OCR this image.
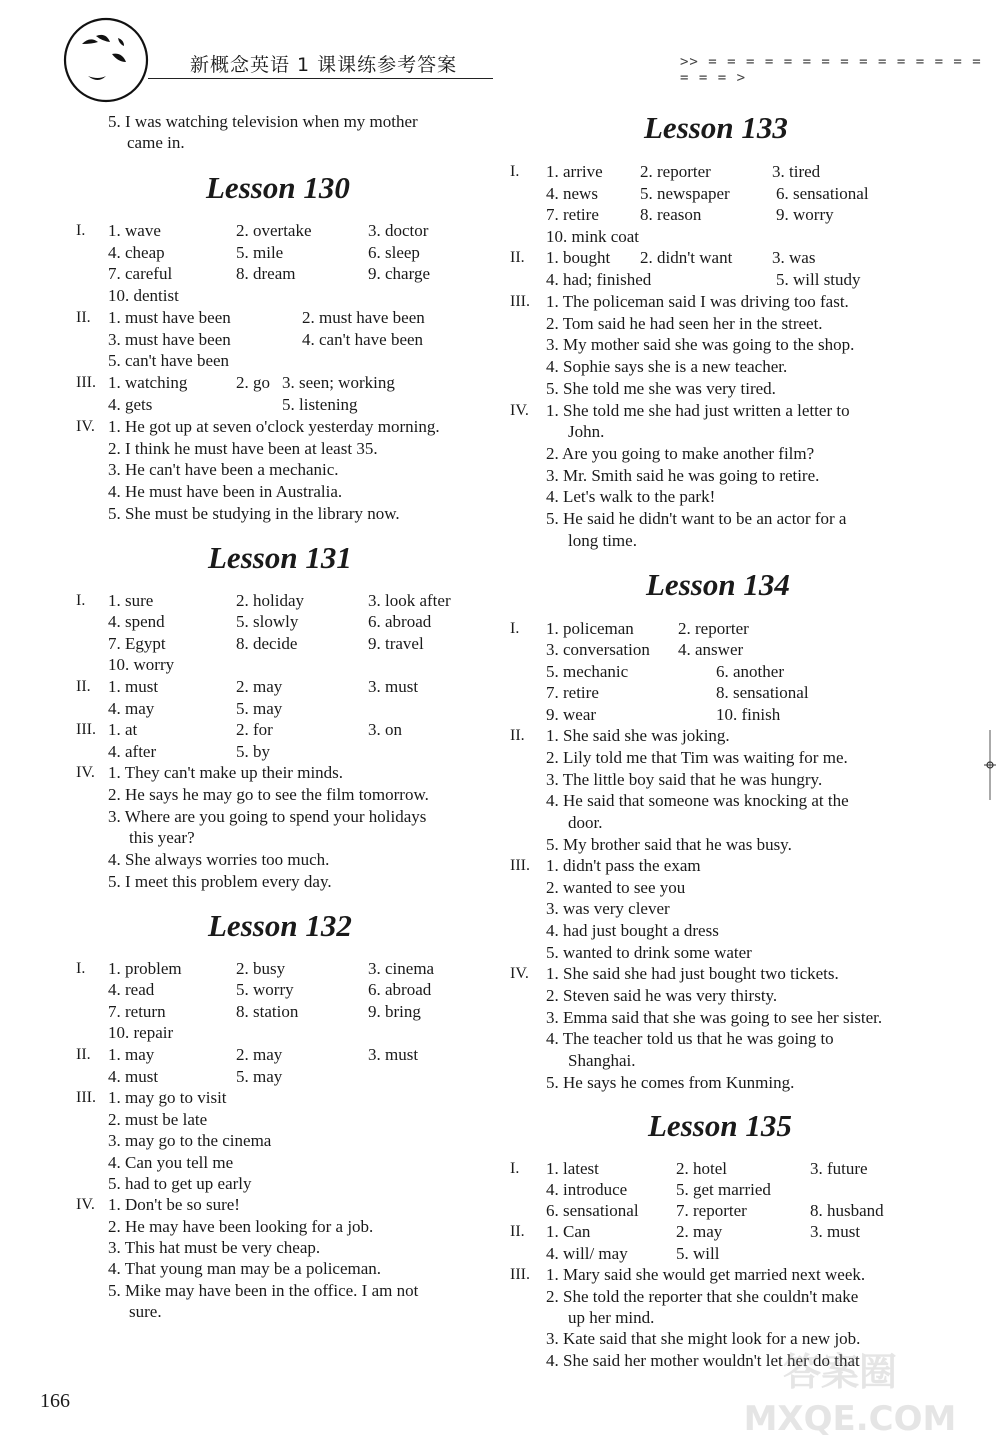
新概念英语 1 课课练参考答案	>> = = = = = = = = = = = = = = = = = = >
5. I was watching television when my mother
came in.
Lesson 130
I. 1. wave	2. overtake	3. doctor
4. cheap	5. mile	6. sleep
7. careful	8. dream	9. charge
10. dentist
II. 1. must have been	2. must have been
3. must have been	4. can't have been
5. can't have been
III. 1. watching	2. go 3. seen; working
4. gets	5. listening
IV. 1. He got up at seven o'clock yesterday morning.
2. I think he must have been at least 35.
3. He can't have been a mechanic.
4. He must have been in Australia.
5. She must be studying in the library now.
Lesson 131
I. 1. sure	2. holiday	3. look after
4. spend	5. slowly	6. abroad
7. Egypt	8. decide	9. travel
10. worry
II. 1. must	2. may	3. must
4. may	5. may
III. 1. at	2. for	3. on
4. after	5. by
IV. 1. They can't make up their minds.
2. He says he may go to see the film tomorrow.
3. Where are you going to spend your holidays
this year?
4. She always worries too much.
5. I meet this problem every day.
Lesson 132
I. 1. problem	2. busy	3. cinema
4. read	5. worry	6. abroad
7. return	8. station	9. bring
10. repair
II. 1. may	2. may	3. must
4. must	5. may
III. 1. may go to visit
2. must be late
3. may go to the cinema
4. Can you tell me
5. had to get up early
IV. 1. Don't be so sure!
2. He may have been looking for a job.
3. This hat must be very cheap.
4. That young man may be a policeman.
5. Mike may have been in the office. I am not
sure.
Lesson 133
I. 1. arrive 2. reporter	3. tired
4. news 5. newspaper	6. sensational
7. retire 8. reason	9. worry
10. mink coat
II. 1. bought 2. didn't want 3. was
4. had; finished	5. will study
III. 1. The policeman said I was driving too fast.
2. Tom said he had seen her in the street.
3. My mother said she was going to the shop.
4. Sophie says she is a new teacher.
5. She told me she was very tired.
IV. 1. She told me she had just written a letter to
John.
2. Are you going to make another film?
3. Mr. Smith said he was going to retire.
4. Let's walk to the park!
5. He said he didn't want to be an actor for a
long time.
Lesson 134
I. 1. policeman	2. reporter
3. conversation 4. answer
5. mechanic	6. another
7. retire	8. sensational
9. wear	10. finish
II. 1. She said she was joking.
2. Lily told me that Tim was waiting for me.
3. The little boy said that he was hungry.
4. He said that someone was knocking at the
door.
5. My brother said that he was busy.
III. 1. didn't pass the exam
2. wanted to see you
3. was very clever
4. had just bought a dress
5. wanted to drink some water
IV. 1. She said she had just bought two tickets.
2. Steven said he was very thirsty.
3. Emma said that she was going to see her sister.
4. The teacher told us that he was going to
Shanghai.
5. He says he comes from Kunming.
Lesson 135
I. 1. latest	2. hotel	3. future
4. introduce	5. get married
6. sensational 7. reporter	8. husband
II. 1. Can	2. may	3. must
4. will/ may	5. will
III. 1. Mary said she would get married next week.
2. She told the reporter that she couldn't make
up her mind.
3. Kate said that she might look for a new job.
4. She said her mother wouldn't let her do that
答案圈
MXQE.COM
166
